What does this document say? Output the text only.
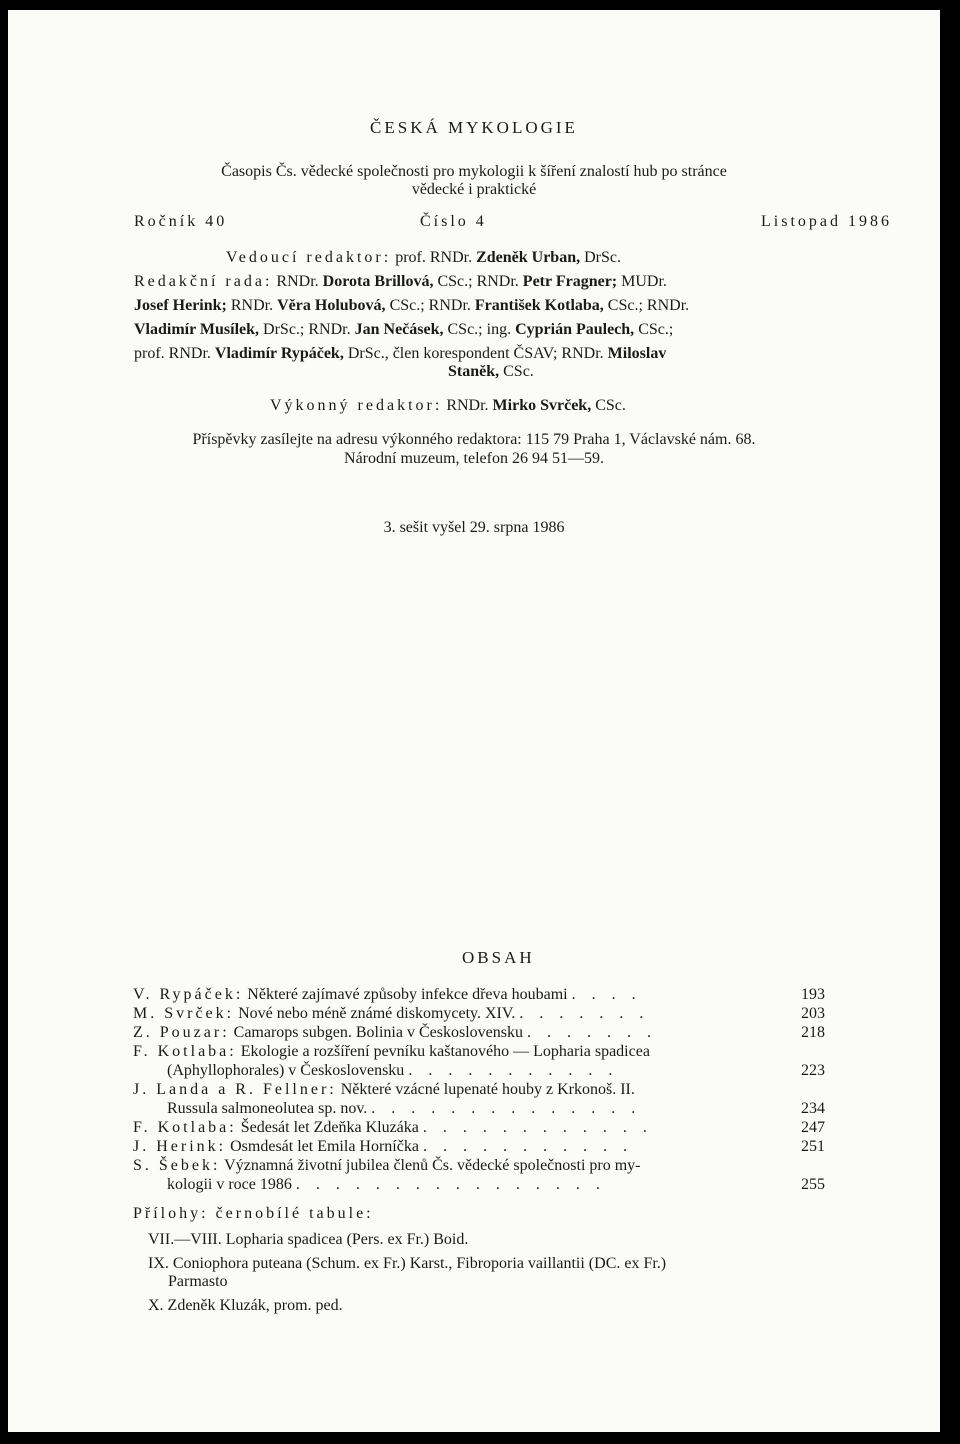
ČESKÁ MYKOLOGIE
Časopis Čs. vědecké společnosti pro mykologii k šíření znalostí hub po stránce
vědecké i praktické
Ročník 40	Číslo 4	Listopad 1986
Vedoucí redaktor: prof. RNDr. Zdeněk Urban, DrSc.
Redakční rada: RNDr. Dorota Brillová, CSc.; RNDr. Petr Fragner; MUDr.
Josef Herink; RNDr. Věra Holubová, CSc.; RNDr. František Kotlaba, CSc.; RNDr.
Vladimír Musílek, DrSc.; RNDr. Jan Nečásek, CSc.; ing. Cyprián Paulech, CSc.;
prof. RNDr. Vladimír Rypáček, DrSc., člen korespondent ČSAV; RNDr. Miloslav
Staněk, CSc.
Výkonný redaktor: RNDr. Mirko Svrček, CSc.
Příspěvky zasílejte na adresu výkonného redaktora: 115 79 Praha 1, Václavské nám. 68.
Národní muzeum, telefon 26 94 51—59.
3. sešit vyšel 29. srpna 1986
OBSAH
V. Rypáček: Některé zajímavé způsoby infekce dřeva houbami . . . .	193
M. Svrček: Nové nebo méně známé diskomycety. XIV. . . . . . . .	203
Z. Pouzar: Camarops subgen. Bolinia v Československu . . . . . . .	218
F. Kotlaba: Ekologie a rozšíření pevníku kaštanového — Lopharia spadicea
(Aphyllophorales) v Československu . . . . . . . . . . .	223
J. Landa a R. Fellner: Některé vzácné lupenaté houby z Krkonoš. II.
Russula salmoneolutea sp. nov. . . . . . . . . . . . . . .	234
F. Kotlaba: Šedesát let Zdeňka Kluzáka . . . . . . . . . . . .	247
J. Herink: Osmdesát let Emila Horníčka . . . . . . . . . . .	251
S. Šebek: Významná životní jubilea členů Čs. vědecké společnosti pro my-
kologii v roce 1986 . . . . . . . . . . . . . . . .	255
Přílohy: černobílé tabule:
VII.—VIII. Lopharia spadicea (Pers. ex Fr.) Boid.
IX. Coniophora puteana (Schum. ex Fr.) Karst., Fibroporia vaillantii (DC. ex Fr.)
Parmasto
X. Zdeněk Kluzák, prom. ped.
